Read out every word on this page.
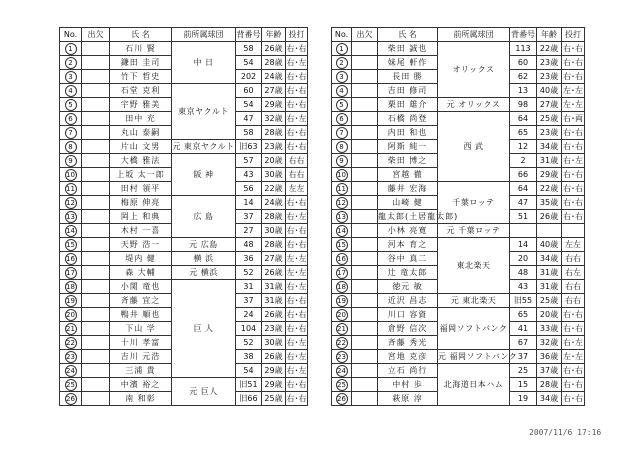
No.	出欠	氏 名	前所属球団	背番号	年齢	投打
1		石川 賢	中 日	58	26歳	右･右
2		鎌田 圭司		54	28歳	右･左
3		竹下 哲史		202	24歳	右･右
4		石堂 克利	東京ヤクルト	60	27歳	右･右
5		宇野 雅美		54	29歳	右･右
6		田中 充		47	32歳	右･左
7		丸山 泰嗣		58	28歳	右･右
8		片山 文男	元 東京ヤクルト	旧63	23歳	右･右
9		大橋 雅法	阪 神	57	20歳	右右
10		上坂 太一郎		43	30歳	右右
11		田村 領平		56	22歳	左左
12		梅原 伸亮	広 島	14	24歳	右･右
13		岡上 和典		37	28歳	右･左
14		木村 一喜		27	30歳	右･右
15		天野 浩一	元 広島	48	28歳	右･右
16		堤内 健	横 浜	36	27歳	左･左
17		森 大輔	元 横浜	52	26歳	左･左
18		小関 竜也	巨 人	31	31歳	右･左
19		斉藤 宜之		37	31歳	右･右
20		鴨井 順也		24	26歳	右･右
21		下山 学		104	23歳	右･右
22		十川 孝富		52	30歳	右･左
23		吉川 元浩		38	26歳	右･左
24		三浦 貴		54	29歳	右･左
25		中濱 裕之	元 巨人	旧51	29歳	右･右
26		南 和彰		旧66	25歳	右･右
No.	出欠	氏 名	前所属球団	背番号	年齢	投打
1		柴田 誠也	オリックス	113	22歳	右･右
2		妹尾 軒作		60	23歳	右･右
3		長田 勝		62	23歳	右･右
4		吉田 修司		13	40歳	左･左
5		栗田 雄介	元 オリックス	98	27歳	左･左
6		石橋 尚登	西 武	64	25歳	右･両
7		内田 和也		65	23歳	右･右
8		阿斯 純一		12	34歳	右･右
9		柴田 博之		2	31歳	右･左
10		宮越 徹		66	29歳	右･右
11		藤井 宏海	千葉ロッテ	64	22歳	右･右
12		山崎 健		47	35歳	右･右
13		龍太郎(土居龍太郎)		51	26歳	右･右
14		小林 亮寛	元 千葉ロッテ			
15		河本 育之	東北楽天	14	40歳	左左
16		谷中 真二		20	34歳	右右
17		辻 竜太郎		48	31歳	右左
18		徳元 敏		43	31歳	右右
19		近沢 昌志	元 東北楽天	旧55	25歳	右右
20		川口 容資	福岡ソフトバンク	65	20歳	右･右
21		倉野 信次		41	33歳	右･右
22		斉藤 秀光		67	32歳	右･左
23		宮地 克彦	元 福岡ソフトバンク	37	36歳	左･左
24		立石 尚行	北海道日本ハム	25	37歳	右･右
25		中村 歩		15	28歳	右･右
26		萩原 淳		19	34歳	右･右
2007/11/6 17:16
